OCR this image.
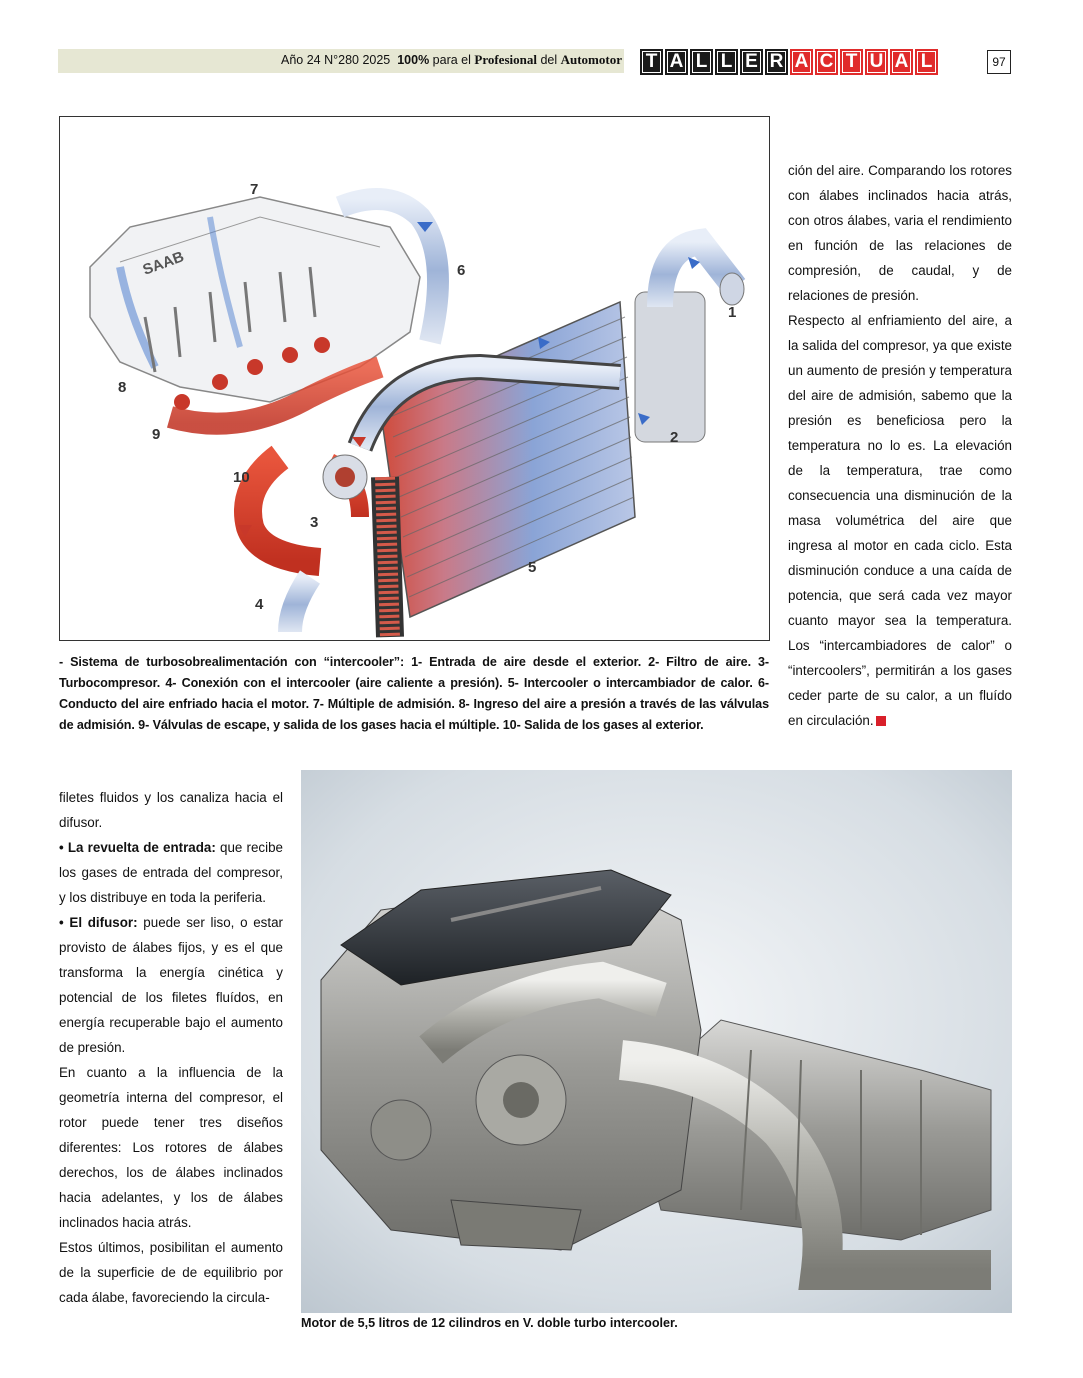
Año 24 N°280 2025 100% para el Profesional del Automotor T A L L E R A C T U A L	97
SAAB
1
2
3
4
5
6
7
8
9
10
- Sistema de turbosobrealimentación con “intercooler”: 1- Entrada de aire desde el exterior. 2- Filtro de aire. 3- Turbocompresor. 4- Conexión con el intercooler (aire caliente a presión). 5- Intercooler o intercambiador de calor. 6- Conducto del aire enfriado hacia el motor. 7- Múltiple de admisión. 8- Ingreso del aire a presión a través de las válvulas de admisión. 9- Válvulas de escape, y salida de los gases hacia el múltiple. 10- Salida de los gases al exterior.

ción del aire. Comparando los rotores con álabes inclinados hacia atrás, con otros álabes, varia el rendimiento en función de las relaciones de compresión, de caudal, y de relaciones de presión.

Respecto al enfriamiento del aire, a la salida del compresor, ya que existe un aumento de presión y temperatura del aire de admisión, sabemo que la presión es beneficiosa pero la temperatura no lo es. La elevación de la temperatura, trae como consecuencia una disminución de la masa volumétrica del aire que ingresa al motor en cada ciclo. Esta disminución conduce a una caída de potencia, que será cada vez mayor cuanto mayor sea la temperatura. Los “intercambiadores de calor” o “intercoolers”, permitirán a los gases ceder parte de su calor, a un fluído en circulación.

filetes fluidos y los canaliza hacia el difusor.

• La revuelta de entrada: que recibe los gases de entrada del compresor, y los distribuye en toda la periferia.

• El difusor: puede ser liso, o estar provisto de álabes fijos, y es el que transforma la energía cinética y potencial de los filetes fluídos, en energía recuperable bajo el aumento de presión.

En cuanto a la influencia de la geometría interna del compresor, el rotor puede tener tres diseños diferentes: Los rotores de álabes derechos, los de álabes inclinados hacia adelantes, y los de álabes inclinados hacia atrás.

Estos últimos, posibilitan el aumento de la superficie de de equilibrio por cada álabe, favoreciendo la circula-

Motor de 5,5 litros de 12 cilindros en V. doble turbo intercooler.
